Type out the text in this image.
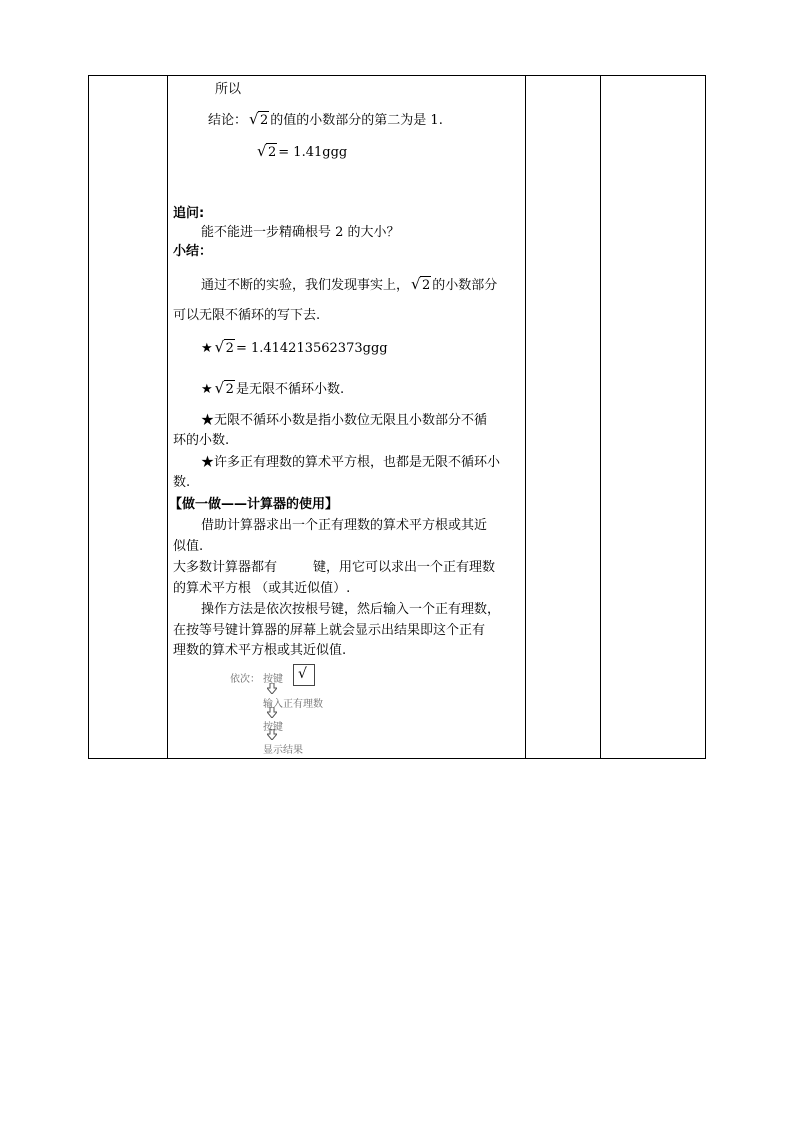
所以
结论： √ 2 的值的小数部分的第二为是 1.
√ 2 = 1.41ggg
追问:
能不能进一步精确根号 2 的大小？
小结：
通过不断的实验，我们发现事实上， √ 2 的小数部分
可以无限不循环的写下去.
★ √ 2 = 1.414213562373ggg
★ √ 2 是无限不循环小数.
★无限不循环小数是指小数位无限且小数部分不循
环的小数.
★许多正有理数的算术平方根，也都是无限不循环小
数.
【做一做——计算器的使用】
借助计算器求出一个正有理数的算术平方根或其近
似值.
大多数计算器都有	键，用它可以求出一个正有理数
的算术平方根 （或其近似值）.
操作方法是依次按根号键，然后输入一个正有理数，
在按等号键计算器的屏幕上就会显示出结果即这个正有
理数的算术平方根或其近似值.
依次： 按键 √
输入正有理数
按键
显示结果
